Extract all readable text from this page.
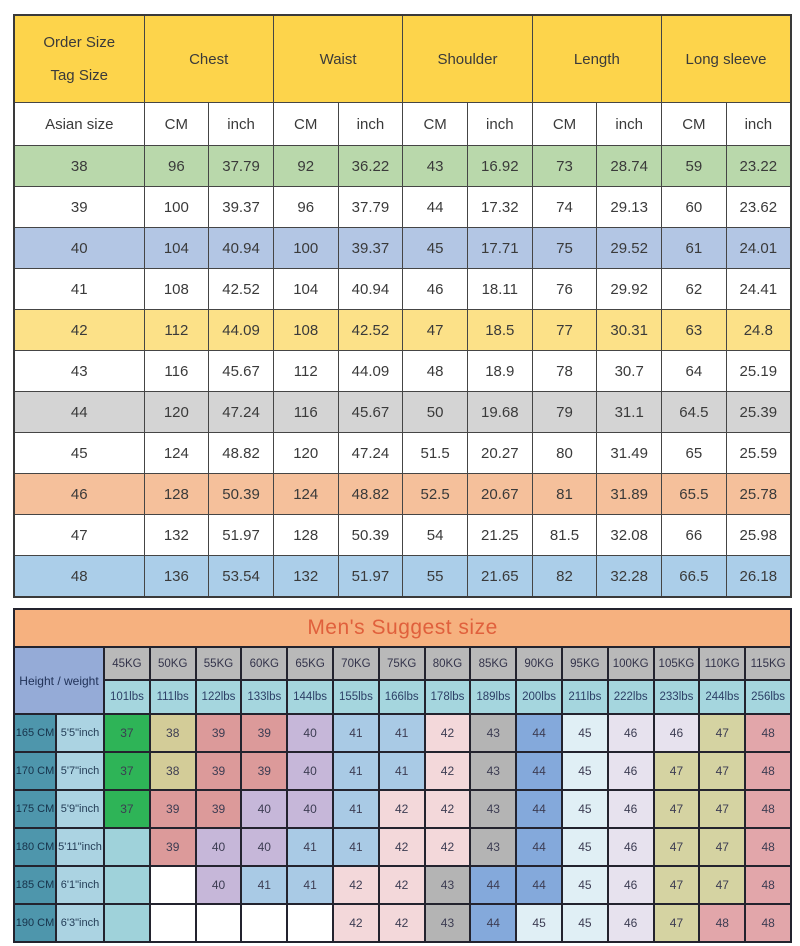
Order Size
Tag Size	Chest		Waist		Shoulder		Length		Long sleeve	
Asian size	CM	inch	CM	inch	CM	inch	CM	inch	CM	inch
38	96	37.79	92	36.22	43	16.92	73	28.74	59	23.22
39	100	39.37	96	37.79	44	17.32	74	29.13	60	23.62
40	104	40.94	100	39.37	45	17.71	75	29.52	61	24.01
41	108	42.52	104	40.94	46	18.11	76	29.92	62	24.41
42	112	44.09	108	42.52	47	18.5	77	30.31	63	24.8
43	116	45.67	112	44.09	48	18.9	78	30.7	64	25.19
44	120	47.24	116	45.67	50	19.68	79	31.1	64.5	25.39
45	124	48.82	120	47.24	51.5	20.27	80	31.49	65	25.59
46	128	50.39	124	48.82	52.5	20.67	81	31.89	65.5	25.78
47	132	51.97	128	50.39	54	21.25	81.5	32.08	66	25.98
48	136	53.54	132	51.97	55	21.65	82	32.28	66.5	26.18
Men's Suggest size																
Height / weight		45KG	50KG	55KG	60KG	65KG	70KG	75KG	80KG	85KG	90KG	95KG	100KG	105KG	110KG	115KG
		101lbs	111lbs	122lbs	133lbs	144lbs	155lbs	166lbs	178lbs	189lbs	200lbs	211lbs	222lbs	233lbs	244lbs	256lbs
165 CM	5'5"inch	37	38	39	39	40	41	41	42	43	44	45	46	46	47	48
170 CM	5'7"inch	37	38	39	39	40	41	41	42	43	44	45	46	47	47	48
175 CM	5'9"inch	37	39	39	40	40	41	42	42	43	44	45	46	47	47	48
180 CM	5'11"inch		39	40	40	41	41	42	42	43	44	45	46	47	47	48
185 CM	6'1"inch			40	41	41	42	42	43	44	44	45	46	47	47	48
190 CM	6'3"inch						42	42	43	44	45	45	46	47	48	48
